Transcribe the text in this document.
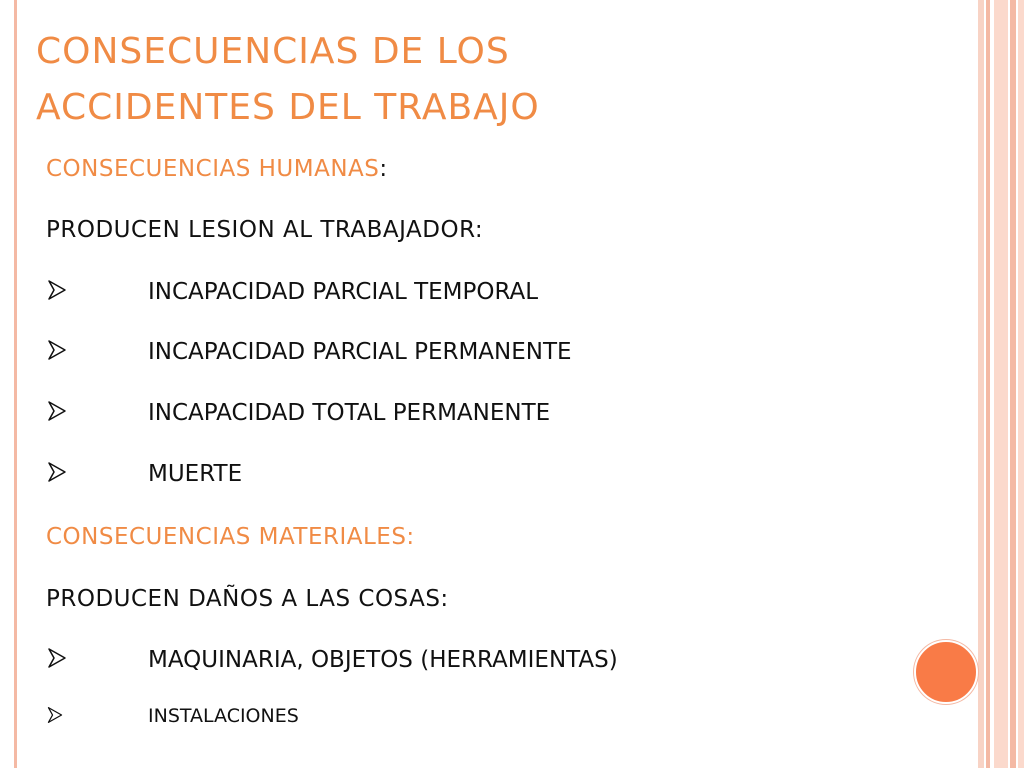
CONSECUENCIAS DE LOS
ACCIDENTES DEL TRABAJO
CONSECUENCIAS HUMANAS:
PRODUCEN LESION AL TRABAJADOR:
INCAPACIDAD PARCIAL TEMPORAL
INCAPACIDAD PARCIAL PERMANENTE
INCAPACIDAD TOTAL PERMANENTE
MUERTE
CONSECUENCIAS MATERIALES:
PRODUCEN DAÑOS A LAS COSAS:
MAQUINARIA, OBJETOS (HERRAMIENTAS)
INSTALACIONES
